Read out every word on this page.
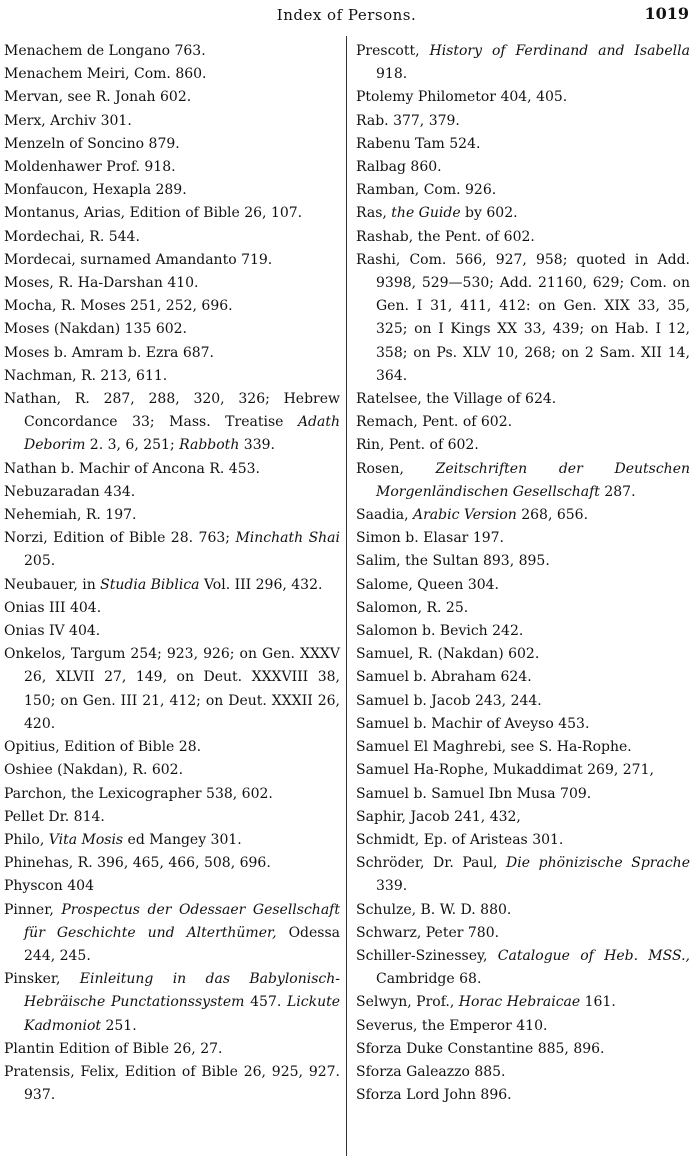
Index of Persons.	1019
Menachem de Longano 763.
Menachem Meiri, Com. 860.
Mervan, see R. Jonah 602.
Merx, Archiv 301.
Menzeln of Soncino 879.
Moldenhawer Prof. 918.
Monfaucon, Hexapla 289.
Montanus, Arias, Edition of Bible 26, 107.
Mordechai, R. 544.
Mordecai, surnamed Amandanto 719.
Moses, R. Ha-Darshan 410.
Mocha, R. Moses 251, 252, 696.
Moses (Nakdan) 135 602.
Moses b. Amram b. Ezra 687.
Nachman, R. 213, 611.
Nathan, R. 287, 288, 320, 326; Hebrew Concordance 33; Mass. Treatise Adath Deborim 2. 3, 6, 251; Rabboth 339.
Nathan b. Machir of Ancona R. 453.
Nebuzaradan 434.
Nehemiah, R. 197.
Norzi, Edition of Bible 28. 763; Minchath Shai 205.
Neubauer, in Studia Biblica Vol. III 296, 432.
Onias III 404.
Onias IV 404.
Onkelos, Targum 254; 923, 926; on Gen. XXXV 26, XLVII 27, 149, on Deut. XXXVIII 38, 150; on Gen. III 21, 412; on Deut. XXXII 26, 420.
Opitius, Edition of Bible 28.
Oshiee (Nakdan), R. 602.
Parchon, the Lexicographer 538, 602.
Pellet Dr. 814.
Philo, Vita Mosis ed Mangey 301.
Phinehas, R. 396, 465, 466, 508, 696.
Physcon 404
Pinner, Prospectus der Odessaer Gesellschaft für Geschichte und Alterthümer, Odessa 244, 245.
Pinsker, Einleitung in das Babylonisch-Hebräische Punctationssystem 457. Lickute Kadmoniot 251.
Plantin Edition of Bible 26, 27.
Pratensis, Felix, Edition of Bible 26, 925, 927. 937.
Prescott, History of Ferdinand and Isabella 918.
Ptolemy Philometor 404, 405.
Rab. 377, 379.
Rabenu Tam 524.
Ralbag 860.
Ramban, Com. 926.
Ras, the Guide by 602.
Rashab, the Pent. of 602.
Rashi, Com. 566, 927, 958; quoted in Add. 9398, 529—530; Add. 21160, 629; Com. on Gen. I 31, 411, 412: on Gen. XIX 33, 35, 325; on I Kings XX 33, 439; on Hab. I 12, 358; on Ps. XLV 10, 268; on 2 Sam. XII 14, 364.
Ratelsee, the Village of 624.
Remach, Pent. of 602.
Rin, Pent. of 602.
Rosen, Zeitschriften der Deutschen Morgenländischen Gesellschaft 287.
Saadia, Arabic Version 268, 656.
Simon b. Elasar 197.
Salim, the Sultan 893, 895.
Salome, Queen 304.
Salomon, R. 25.
Salomon b. Bevich 242.
Samuel, R. (Nakdan) 602.
Samuel b. Abraham 624.
Samuel b. Jacob 243, 244.
Samuel b. Machir of Aveyso 453.
Samuel El Maghrebi, see S. Ha-Rophe.
Samuel Ha-Rophe, Mukaddimat 269, 271,
Samuel b. Samuel Ibn Musa 709.
Saphir, Jacob 241, 432,
Schmidt, Ep. of Aristeas 301.
Schröder, Dr. Paul, Die phönizische Sprache 339.
Schulze, B. W. D. 880.
Schwarz, Peter 780.
Schiller-Szinessey, Catalogue of Heb. MSS., Cambridge 68.
Selwyn, Prof., Horac Hebraicae 161.
Severus, the Emperor 410.
Sforza Duke Constantine 885, 896.
Sforza Galeazzo 885.
Sforza Lord John 896.
